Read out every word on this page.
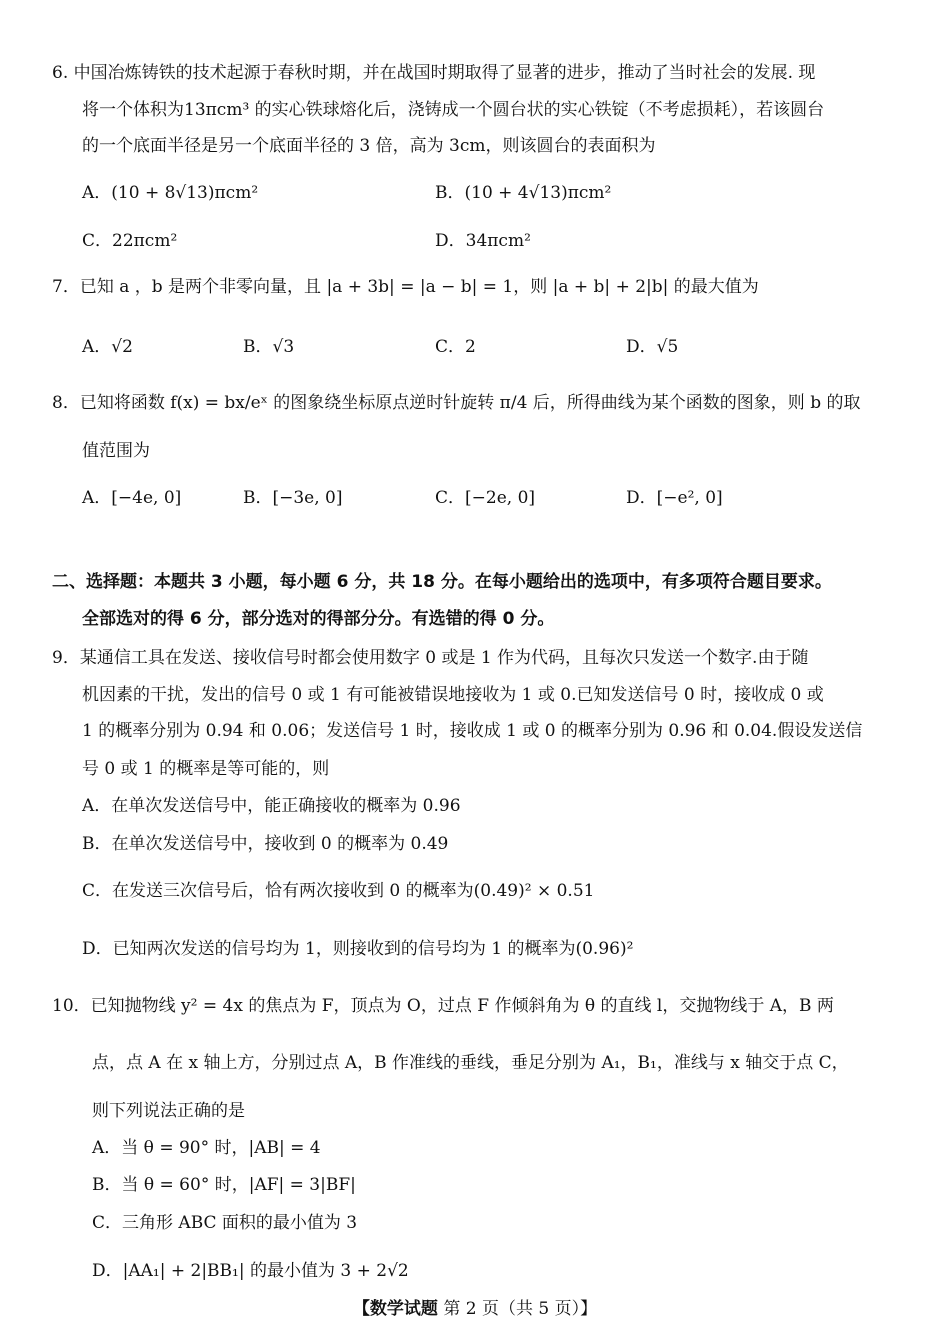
6. 中国冶炼铸铁的技术起源于春秋时期，并在战国时期取得了显著的进步，推动了当时社会的发展. 现
将一个体积为13πcm³ 的实心铁球熔化后，浇铸成一个圆台状的实心铁锭（不考虑损耗），若该圆台
的一个底面半径是另一个底面半径的 3 倍，高为 3cm，则该圆台的表面积为
A．(10 + 8√13)πcm²	B．(10 + 4√13)πcm²
C．22πcm²	D．34πcm²
7．已知 a ，b 是两个非零向量，且 |a + 3b| = |a − b| = 1，则 |a + b| + 2|b| 的最大值为
A．√2	B．√3	C．2	D．√5
8．已知将函数 f(x) = bx/eˣ 的图象绕坐标原点逆时针旋转 π/4 后，所得曲线为某个函数的图象，则 b 的取
值范围为
A．[−4e, 0]	B．[−3e, 0]	C．[−2e, 0]	D．[−e², 0]
二、选择题：本题共 3 小题，每小题 6 分，共 18 分。在每小题给出的选项中，有多项符合题目要求。
全部选对的得 6 分，部分选对的得部分分。有选错的得 0 分。
9．某通信工具在发送、接收信号时都会使用数字 0 或是 1 作为代码，且每次只发送一个数字.由于随
机因素的干扰，发出的信号 0 或 1 有可能被错误地接收为 1 或 0.已知发送信号 0 时，接收成 0 或
1 的概率分别为 0.94 和 0.06；发送信号 1 时，接收成 1 或 0 的概率分别为 0.96 和 0.04.假设发送信
号 0 或 1 的概率是等可能的，则
A．在单次发送信号中，能正确接收的概率为 0.96
B．在单次发送信号中，接收到 0 的概率为 0.49
C．在发送三次信号后，恰有两次接收到 0 的概率为(0.49)² × 0.51
D．已知两次发送的信号均为 1，则接收到的信号均为 1 的概率为(0.96)²
10．已知抛物线 y² = 4x 的焦点为 F，顶点为 O，过点 F 作倾斜角为 θ 的直线 l，交抛物线于 A，B 两
点，点 A 在 x 轴上方，分别过点 A，B 作准线的垂线，垂足分别为 A₁，B₁，准线与 x 轴交于点 C，
则下列说法正确的是
A．当 θ = 90° 时，|AB| = 4
B．当 θ = 60° 时，|AF| = 3|BF|
C．三角形 ABC 面积的最小值为 3
D．|AA₁| + 2|BB₁| 的最小值为 3 + 2√2
【数学试题 第 2 页（共 5 页）】
